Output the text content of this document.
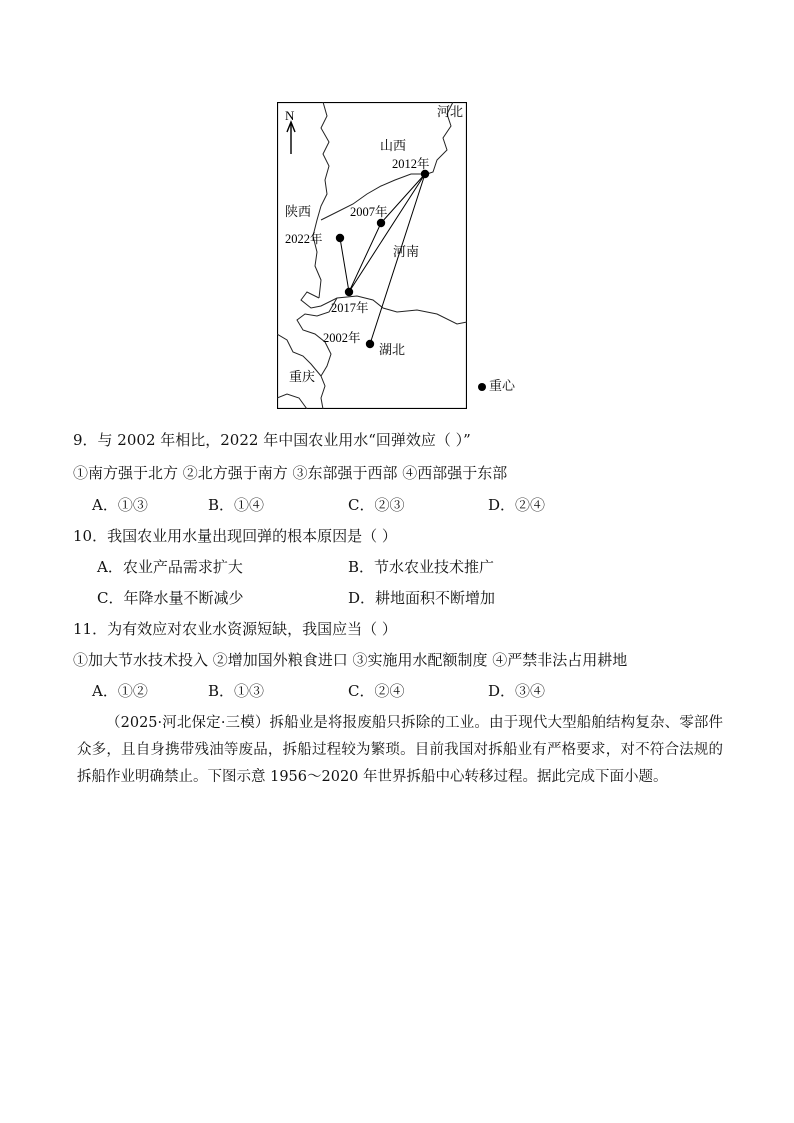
N	河北
山西
2012年
陕西	2007年
2022年
河南
2017年
2002年
湖北
重庆
重心
9．与 2002 年相比，2022 年中国农业用水“回弹效应（ ）”
①南方强于北方 ②北方强于南方 ③东部强于西部 ④西部强于东部
A．①③	B．①④	C．②③	D．②④
10．我国农业用水量出现回弹的根本原因是（ ）
A．农业产品需求扩大	B．节水农业技术推广
C．年降水量不断减少	D．耕地面积不断增加
11．为有效应对农业水资源短缺，我国应当（ ）
①加大节水技术投入 ②增加国外粮食进口 ③实施用水配额制度 ④严禁非法占用耕地
A．①②	B．①③	C．②④	D．③④

（2025·河北保定·三模）拆船业是将报废船只拆除的工业。由于现代大型船舶结构复杂、零部件众多，且自身携带残油等废品，拆船过程较为繁琐。目前我国对拆船业有严格要求，对不符合法规的拆船作业明确禁止。下图示意 1956～2020 年世界拆船中心转移过程。据此完成下面小题。
